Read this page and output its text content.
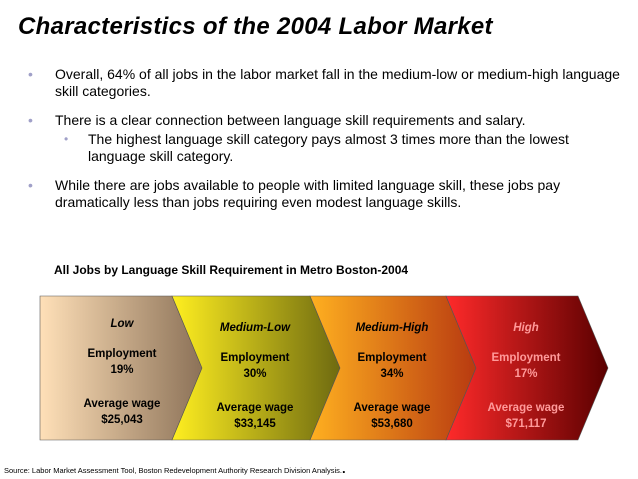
Characteristics of the 2004 Labor Market
• Overall, 64% of all jobs in the labor market fall in the medium-low or medium-high language skill categories.
• There is a clear connection between language skill requirements and salary.
• The highest language skill category pays almost 3 times more than the lowest language skill category.
• While there are jobs available to people with limited language skill, these jobs pay dramatically less than jobs requiring even modest language skills.
All Jobs by Language Skill Requirement in Metro Boston-2004
Low
Employment
19%
Average wage
$25,043
Medium-Low
Employment
30%
Average wage
$33,145
Medium-High
Employment
34%
Average wage
$53,680
High
Employment
17%
Average wage
$71,117
Source: Labor Market Assessment Tool, Boston Redevelopment Authority Research Division Analysis..
